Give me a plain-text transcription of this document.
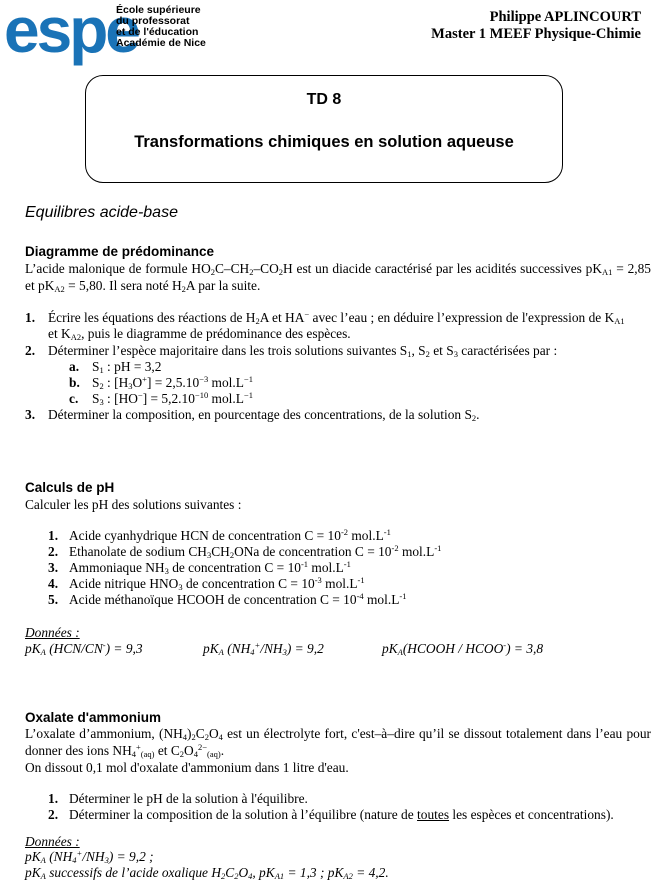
espe
École supérieure
du professorat
et de l'éducation
Académie de Nice
Philippe APLINCOURT
Master 1 MEEF Physique-Chimie
TD 8
Transformations chimiques en solution aqueuse
Equilibres acide-base
Diagramme de prédominance
L’acide malonique de formule $HO_2C-CH_2-CO_2H$ est un diacide caractérisé par les acidités successives $pK_{A1} = 2,85$ et $pK_{A2} = 5,80$. Il sera noté $H_2A$ par la suite.
1. Écrire les équations des réactions de $H_2A$ et HA− avec l’eau ; en déduire l’expression de l'expression de $K_{A1}$
et $K_{A2}$, puis le diagramme de prédominance des espèces.
2. Déterminer l’espèce majoritaire dans les trois solutions suivantes $S_1$, $S_2$ et $S_3$ caractérisées par :
a. $S_1$ : pH = 3,2
b. $S_2$ : $[H_3O^+] = 2,5.10^{-3}$ $mol.L^{-1}$
c. $S_3$ : $[HO^-] = 5,2.10^{-10}$ $mol.L^{-1}$
3. Déterminer la composition, en pourcentage des concentrations, de la solution $S_2$.
Calculs de pH
Calculer les pH des solutions suivantes :
1. Acide cyanhydrique HCN de concentration $C = 10^{-2}$ $mol.L^{-1}$
2. Ethanolate de sodium $CH_3CH_2ONa$ de concentration $C = 10^{-2}$ $mol.L^{-1}$
3. Ammoniaque $NH_3$ de concentration $C = 10^{-1}$ $mol.L^{-1}$
4. Acide nitrique $HNO_3$ de concentration $C = 10^{-3}$ $mol.L^{-1}$
5. Acide méthanoïque HCOOH de concentration $C = 10^{-4}$ $mol.L^{-1}$
Données :
$pK_A$ (HCN/CN-) = 9,3	$pK_A$ $(NH_4^+/NH_3) = 9,2$	$pK_A(HCOOH$ / HCOO-) = 3,8
Oxalate d'ammonium
L’oxalate d’ammonium, $(NH_4)_2C_2O_4$ est un électrolyte fort, c'est–à–dire qu’il se dissout totalement dans l’eau pour donner des ions $NH_4^+_{(aq)}$ et $C_2O_4^{2-}_{(aq)}$.
On dissout 0,1 mol d'oxalate d'ammonium dans 1 litre d'eau.
1. Déterminer le pH de la solution à l'équilibre.
2. Déterminer la composition de la solution à l’équilibre (nature de toutes les espèces et concentrations).
Données :
$pK_A$ $(NH_4^+/NH_3) = 9,2$ ;
$pK_A$ successifs de l’acide oxalique $H_2C_2O_4$, $pK_{A1} = 1,3$ ; $pK_{A2} = 4,2$.
